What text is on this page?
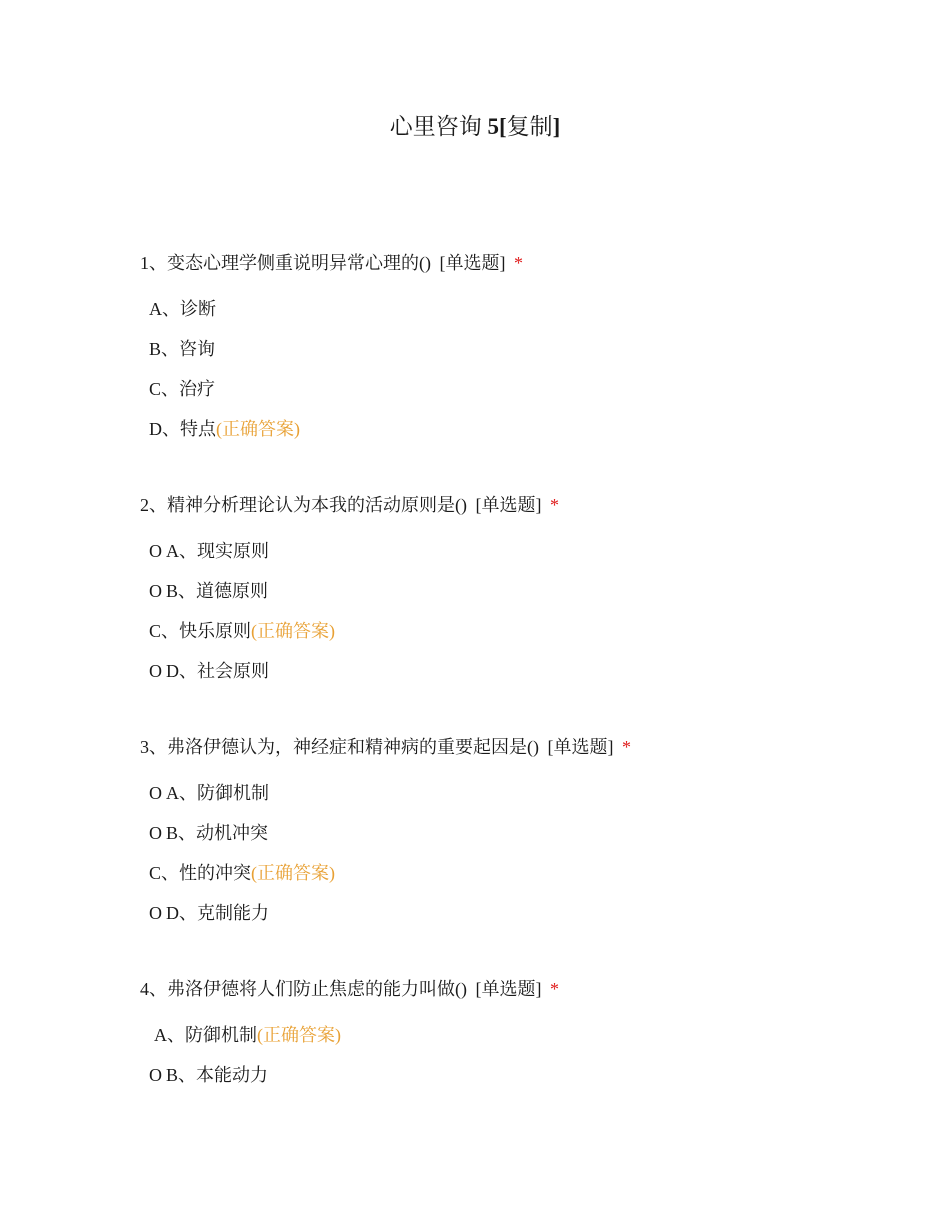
心里咨询 5[复制]
1、变态心理学侧重说明异常心理的() [单选题] *
A、诊断
B、咨询
C、治疗
D、特点(正确答案)
2、精神分析理论认为本我的活动原则是() [单选题] *
O A、现实原则
O B、道德原则
C、快乐原则(正确答案)
O D、社会原则
3、弗洛伊德认为，神经症和精神病的重要起因是() [单选题] *
O A、防御机制
O B、动机冲突
C、性的冲突(正确答案)
O D、克制能力
4、弗洛伊德将人们防止焦虑的能力叫做() [单选题] *
A、防御机制(正确答案)
O B、本能动力
